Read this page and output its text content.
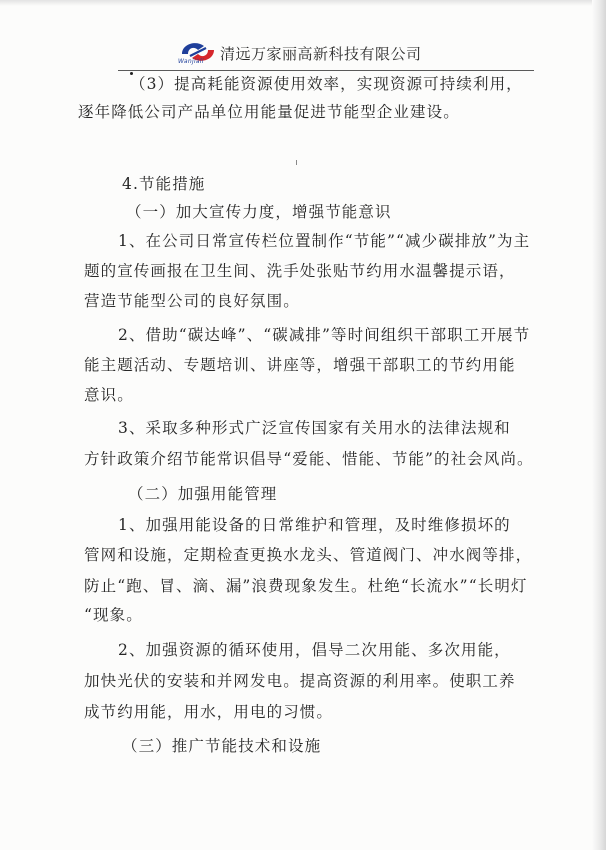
Wanjiali 清远万家丽高新科技有限公司
（3）提高耗能资源使用效率，实现资源可持续利用，
逐年降低公司产品单位用能量促进节能型企业建设。
4.节能措施
（一）加大宣传力度，增强节能意识
1、在公司日常宣传栏位置制作“节能”“减少碳排放”为主
题的宣传画报在卫生间、洗手处张贴节约用水温馨提示语，
营造节能型公司的良好氛围。
2、借助“碳达峰”、“碳减排”等时间组织干部职工开展节
能主题活动、专题培训、讲座等，增强干部职工的节约用能
意识。
3、采取多种形式广泛宣传国家有关用水的法律法规和
方针政策介绍节能常识倡导“爱能、惜能、节能”的社会风尚。
（二）加强用能管理
1、加强用能设备的日常维护和管理，及时维修损坏的
管网和设施，定期检查更换水龙头、管道阀门、冲水阀等排，
防止“跑、冒、滴、漏”浪费现象发生。杜绝“长流水”“长明灯
“现象。
2、加强资源的循环使用，倡导二次用能、多次用能，
加快光伏的安装和并网发电。提高资源的利用率。使职工养
成节约用能，用水，用电的习惯。
（三）推广节能技术和设施
